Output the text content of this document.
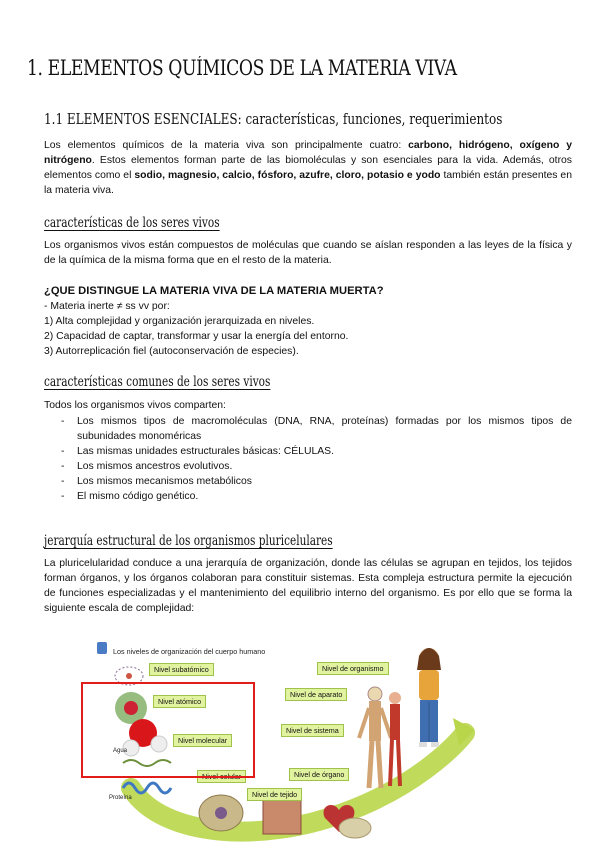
1. ELEMENTOS QUÍMICOS DE LA MATERIA VIVA
1.1 ELEMENTOS ESENCIALES: características, funciones, requerimientos
Los elementos químicos de la materia viva son principalmente cuatro: carbono, hidrógeno, oxígeno y nitrógeno. Estos elementos forman parte de las biomoléculas y son esenciales para la vida. Además, otros elementos como el sodio, magnesio, calcio, fósforo, azufre, cloro, potasio e yodo también están presentes en la materia viva.
características de los seres vivos
Los organismos vivos están compuestos de moléculas que cuando se aíslan responden a las leyes de la física y de la química de la misma forma que en el resto de la materia.
¿QUE DISTINGUE LA MATERIA VIVA DE LA MATERIA MUERTA?
- Materia inerte ≠ ss vv por:
1) Alta complejidad y organización jerarquizada en niveles.
2) Capacidad de captar, transformar y usar la energía del entorno.
3) Autorreplicación fiel (autoconservación de especies).
características comunes de los seres vivos
Todos los organismos vivos comparten:
- Los mismos tipos de macromoléculas (DNA, RNA, proteínas) formadas por los mismos tipos de subunidades monoméricas
- Las mismas unidades estructurales básicas: CÉLULAS.
- Los mismos ancestros evolutivos.
- Los mismos mecanismos metabólicos
- El mismo código genético.
jerarquía estructural de los organismos pluricelulares
La pluricelularidad conduce a una jerarquía de organización, donde las células se agrupan en tejidos, los tejidos forman órganos, y los órganos colaboran para constituir sistemas. Esta compleja estructura permite la ejecución de funciones especializadas y el mantenimiento del equilibrio interno del organismo. Es por ello que se forma la siguiente escala de complejidad:
Los niveles de organización del cuerpo humano
Nivel subatómico
Nivel atómico
Nivel molecular
Nivel celular
Nivel de tejido
Nivel de órgano
Nivel de sistema
Nivel de aparato
Nivel de organismo
Agua
Proteína
